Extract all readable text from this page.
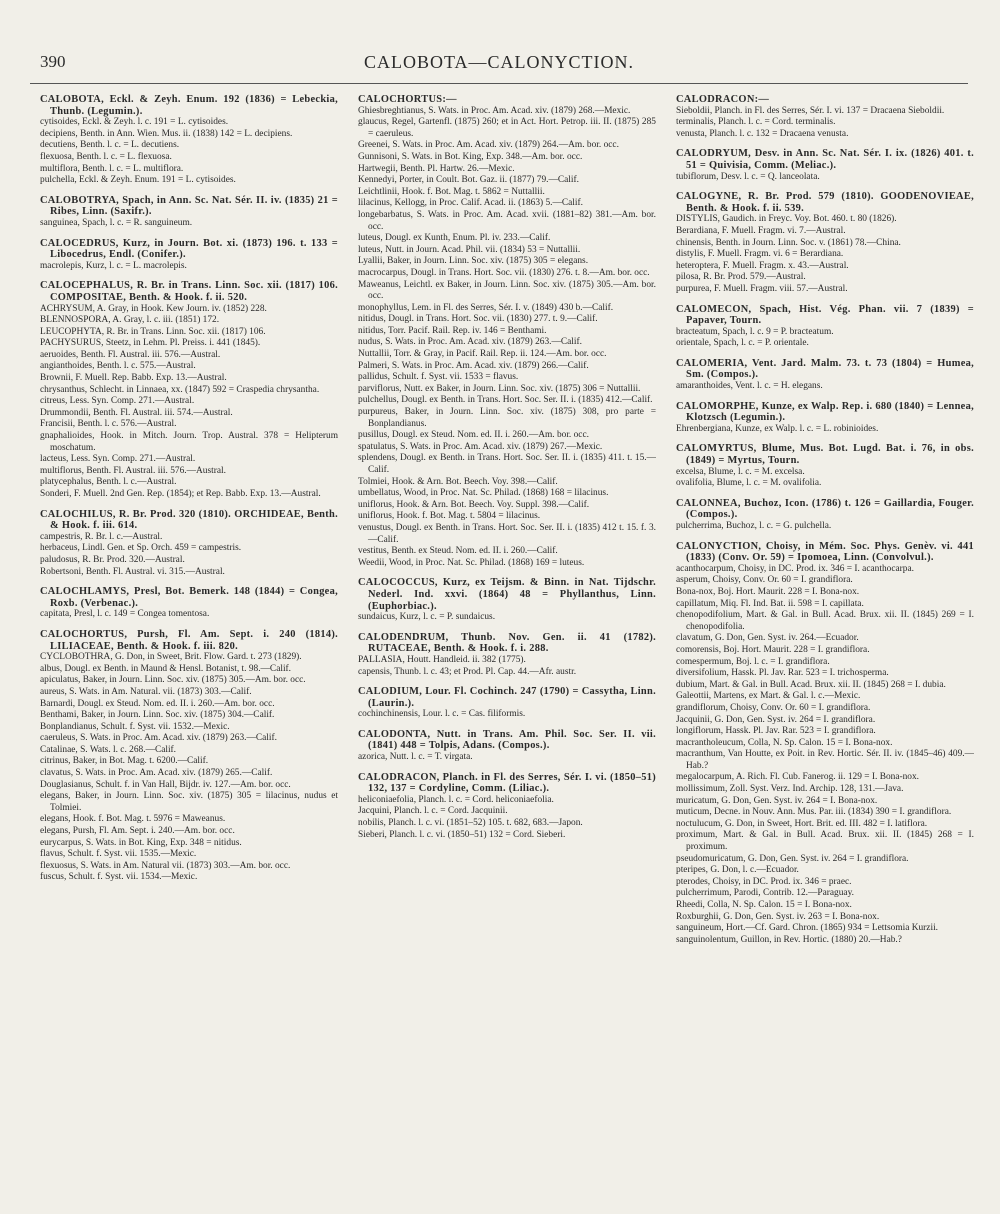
390	CALOBOTA—CALONYCTION.
CALOBOTA, Eckl. & Zeyh. Enum. 192 (1836) = Lebeckia, Thunb. (Legumin.).
cytisoides, Eckl. & Zeyh. l. c. 191 = L. cytisoides.
decipiens, Benth. in Ann. Wien. Mus. ii. (1838) 142 = L. decipiens.
decutiens, Benth. l. c. = L. decutiens.
flexuosa, Benth. l. c. = L. flexuosa.
multiflora, Benth. l. c. = L. multiflora.
pulchella, Eckl. & Zeyh. Enum. 191 = L. cytisoides.
CALOBOTRYA, Spach, in Ann. Sc. Nat. Sér. II. iv. (1835) 21 = Ribes, Linn. (Saxifr.).
sanguinea, Spach, l. c. = R. sanguineum.
CALOCEDRUS, Kurz, in Journ. Bot. xi. (1873) 196. t. 133 = Libocedrus, Endl. (Conifer.).
macrolepis, Kurz, l. c. = L. macrolepis.
CALOCEPHALUS, R. Br. in Trans. Linn. Soc. xii. (1817) 106. COMPOSITAE, Benth. & Hook. f. ii. 520.
ACHRYSUM, A. Gray, in Hook. Kew Journ. iv. (1852) 228.
BLENNOSPORA, A. Gray, l. c. iii. (1851) 172.
LEUCOPHYTA, R. Br. in Trans. Linn. Soc. xii. (1817) 106.
PACHYSURUS, Steetz, in Lehm. Pl. Preiss. i. 441 (1845).
aeruoides, Benth. Fl. Austral. iii. 576.—Austral.
angianthoides, Benth. l. c. 575.—Austral.
Brownii, F. Muell. Rep. Babb. Exp. 13.—Austral.
chrysanthus, Schlecht. in Linnaea, xx. (1847) 592 = Craspedia chrysantha.
citreus, Less. Syn. Comp. 271.—Austral.
Drummondii, Benth. Fl. Austral. iii. 574.—Austral.
Francisii, Benth. l. c. 576.—Austral.
gnaphalioides, Hook. in Mitch. Journ. Trop. Austral. 378 = Helipterum moschatum.
lacteus, Less. Syn. Comp. 271.—Austral.
multiflorus, Benth. Fl. Austral. iii. 576.—Austral.
platycephalus, Benth. l. c.—Austral.
Sonderi, F. Muell. 2nd Gen. Rep. (1854); et Rep. Babb. Exp. 13.—Austral.
CALOCHILUS, R. Br. Prod. 320 (1810). ORCHIDEAE, Benth. & Hook. f. iii. 614.
campestris, R. Br. l. c.—Austral.
herbaceus, Lindl. Gen. et Sp. Orch. 459 = campestris.
paludosus, R. Br. Prod. 320.—Austral.
Robertsoni, Benth. Fl. Austral. vi. 315.—Austral.
CALOCHLAMYS, Presl, Bot. Bemerk. 148 (1844) = Congea, Roxb. (Verbenac.).
capitata, Presl, l. c. 149 = Congea tomentosa.
CALOCHORTUS, Pursh, Fl. Am. Sept. i. 240 (1814). LILIACEAE, Benth. & Hook. f. iii. 820.
CYCLOBOTHRA, G. Don, in Sweet, Brit. Flow. Gard. t. 273 (1829).
albus, Dougl. ex Benth. in Maund & Hensl. Botanist, t. 98.—Calif.
apiculatus, Baker, in Journ. Linn. Soc. xiv. (1875) 305.—Am. bor. occ.
aureus, S. Wats. in Am. Natural. vii. (1873) 303.—Calif.
Barnardi, Dougl. ex Steud. Nom. ed. II. i. 260.—Am. bor. occ.
Benthami, Baker, in Journ. Linn. Soc. xiv. (1875) 304.—Calif.
Bonplandianus, Schult. f. Syst. vii. 1532.—Mexic.
caeruleus, S. Wats. in Proc. Am. Acad. xiv. (1879) 263.—Calif.
Catalinae, S. Wats. l. c. 268.—Calif.
citrinus, Baker, in Bot. Mag. t. 6200.—Calif.
clavatus, S. Wats. in Proc. Am. Acad. xiv. (1879) 265.—Calif.
Douglasianus, Schult. f. in Van Hall, Bijdr. iv. 127.—Am. bor. occ.
elegans, Baker, in Journ. Linn. Soc. xiv. (1875) 305 = lilacinus, nudus et Tolmiei.
elegans, Hook. f. Bot. Mag. t. 5976 = Maweanus.
elegans, Pursh, Fl. Am. Sept. i. 240.—Am. bor. occ.
eurycarpus, S. Wats. in Bot. King, Exp. 348 = nitidus.
flavus, Schult. f. Syst. vii. 1535.—Mexic.
flexuosus, S. Wats. in Am. Natural vii. (1873) 303.—Am. bor. occ.
fuscus, Schult. f. Syst. vii. 1534.—Mexic.
CALOCHORTUS:—
Ghiesbreghtianus, S. Wats. in Proc. Am. Acad. xiv. (1879) 268.—Mexic.
glaucus, Regel, Gartenfl. (1875) 260; et in Act. Hort. Petrop. iii. II. (1875) 285 = caeruleus.
Greenei, S. Wats. in Proc. Am. Acad. xiv. (1879) 264.—Am. bor. occ.
Gunnisoni, S. Wats. in Bot. King, Exp. 348.—Am. bor. occ.
Hartwegii, Benth. Pl. Hartw. 26.—Mexic.
Kennedyi, Porter, in Coult. Bot. Gaz. ii. (1877) 79.—Calif.
Leichtlinii, Hook. f. Bot. Mag. t. 5862 = Nuttallii.
lilacinus, Kellogg, in Proc. Calif. Acad. ii. (1863) 5.—Calif.
longebarbatus, S. Wats. in Proc. Am. Acad. xvii. (1881–82) 381.—Am. bor. occ.
luteus, Dougl. ex Kunth, Enum. Pl. iv. 233.—Calif.
luteus, Nutt. in Journ. Acad. Phil. vii. (1834) 53 = Nuttallii.
Lyallii, Baker, in Journ. Linn. Soc. xiv. (1875) 305 = elegans.
macrocarpus, Dougl. in Trans. Hort. Soc. vii. (1830) 276. t. 8.—Am. bor. occ.
Maweanus, Leichtl. ex Baker, in Journ. Linn. Soc. xiv. (1875) 305.—Am. bor. occ.
monophyllus, Lem. in Fl. des Serres, Sér. I. v. (1849) 430 b.—Calif.
nitidus, Dougl. in Trans. Hort. Soc. vii. (1830) 277. t. 9.—Calif.
nitidus, Torr. Pacif. Rail. Rep. iv. 146 = Benthami.
nudus, S. Wats. in Proc. Am. Acad. xiv. (1879) 263.—Calif.
Nuttallii, Torr. & Gray, in Pacif. Rail. Rep. ii. 124.—Am. bor. occ.
Palmeri, S. Wats. in Proc. Am. Acad. xiv. (1879) 266.—Calif.
pallidus, Schult. f. Syst. vii. 1533 = flavus.
parviflorus, Nutt. ex Baker, in Journ. Linn. Soc. xiv. (1875) 306 = Nuttallii.
pulchellus, Dougl. ex Benth. in Trans. Hort. Soc. Ser. II. i. (1835) 412.—Calif.
purpureus, Baker, in Journ. Linn. Soc. xiv. (1875) 308, pro parte = Bonplandianus.
pusillus, Dougl. ex Steud. Nom. ed. II. i. 260.—Am. bor. occ.
spatulatus, S. Wats. in Proc. Am. Acad. xiv. (1879) 267.—Mexic.
splendens, Dougl. ex Benth. in Trans. Hort. Soc. Ser. II. i. (1835) 411. t. 15.—Calif.
Tolmiei, Hook. & Arn. Bot. Beech. Voy. 398.—Calif.
umbellatus, Wood, in Proc. Nat. Sc. Philad. (1868) 168 = lilacinus.
uniflorus, Hook. & Arn. Bot. Beech. Voy. Suppl. 398.—Calif.
uniflorus, Hook. f. Bot. Mag. t. 5804 = lilacinus.
venustus, Dougl. ex Benth. in Trans. Hort. Soc. Ser. II. i. (1835) 412 t. 15. f. 3.—Calif.
vestitus, Benth. ex Steud. Nom. ed. II. i. 260.—Calif.
Weedii, Wood, in Proc. Nat. Sc. Philad. (1868) 169 = luteus.
CALOCOCCUS, Kurz, ex Teijsm. & Binn. in Nat. Tijdschr. Nederl. Ind. xxvi. (1864) 48 = Phyllanthus, Linn. (Euphorbiac.).
sundaicus, Kurz, l. c. = P. sundaicus.
CALODENDRUM, Thunb. Nov. Gen. ii. 41 (1782). RUTACEAE, Benth. & Hook. f. i. 288.
PALLASIA, Houtt. Handleid. ii. 382 (1775).
capensis, Thunb. l. c. 43; et Prod. Pl. Cap. 44.—Afr. austr.
CALODIUM, Lour. Fl. Cochinch. 247 (1790) = Cassytha, Linn. (Laurin.).
cochinchinensis, Lour. l. c. = Cas. filiformis.
CALODONTA, Nutt. in Trans. Am. Phil. Soc. Ser. II. vii. (1841) 448 = Tolpis, Adans. (Compos.).
azorica, Nutt. l. c. = T. virgata.
CALODRACON, Planch. in Fl. des Serres, Sér. I. vi. (1850–51) 132, 137 = Cordyline, Comm. (Liliac.).
heliconiaefolia, Planch. l. c. = Cord. heliconiaefolia.
Jacquini, Planch. l. c. = Cord. Jacquinii.
nobilis, Planch. l. c. vi. (1851–52) 105. t. 682, 683.—Japon.
Sieberi, Planch. l. c. vi. (1850–51) 132 = Cord. Sieberi.
CALODRACON:—
Sieboldii, Planch. in Fl. des Serres, Sér. I. vi. 137 = Dracaena Sieboldii.
terminalis, Planch. l. c. = Cord. terminalis.
venusta, Planch. l. c. 132 = Dracaena venusta.
CALODRYUM, Desv. in Ann. Sc. Nat. Sér. I. ix. (1826) 401. t. 51 = Quivisia, Comm. (Meliac.).
tubiflorum, Desv. l. c. = Q. lanceolata.
CALOGYNE, R. Br. Prod. 579 (1810). GOODENOVIEAE, Benth. & Hook. f. ii. 539.
DISTYLIS, Gaudich. in Freyc. Voy. Bot. 460. t. 80 (1826).
Berardiana, F. Muell. Fragm. vi. 7.—Austral.
chinensis, Benth. in Journ. Linn. Soc. v. (1861) 78.—China.
distylis, F. Muell. Fragm. vi. 6 = Berardiana.
heteroptera, F. Muell. Fragm. x. 43.—Austral.
pilosa, R. Br. Prod. 579.—Austral.
purpurea, F. Muell. Fragm. viii. 57.—Austral.
CALOMECON, Spach, Hist. Vég. Phan. vii. 7 (1839) = Papaver, Tourn.
bracteatum, Spach, l. c. 9 = P. bracteatum.
orientale, Spach, l. c. = P. orientale.
CALOMERIA, Vent. Jard. Malm. 73. t. 73 (1804) = Humea, Sm. (Compos.).
amaranthoides, Vent. l. c. = H. elegans.
CALOMORPHE, Kunze, ex Walp. Rep. i. 680 (1840) = Lennea, Klotzsch (Legumin.).
Ehrenbergiana, Kunze, ex Walp. l. c. = L. robinioides.
CALOMYRTUS, Blume, Mus. Bot. Lugd. Bat. i. 76, in obs. (1849) = Myrtus, Tourn.
excelsa, Blume, l. c. = M. excelsa.
ovalifolia, Blume, l. c. = M. ovalifolia.
CALONNEA, Buchoz, Icon. (1786) t. 126 = Gaillardia, Fouger. (Compos.).
pulcherrima, Buchoz, l. c. = G. pulchella.
CALONYCTION, Choisy, in Mém. Soc. Phys. Genèv. vi. 441 (1833) (Conv. Or. 59) = Ipomoea, Linn. (Convolvul.).
acanthocarpum, Choisy, in DC. Prod. ix. 346 = I. acanthocarpa.
asperum, Choisy, Conv. Or. 60 = I. grandiflora.
Bona-nox, Boj. Hort. Maurit. 228 = I. Bona-nox.
capillatum, Miq. Fl. Ind. Bat. ii. 598 = I. capillata.
chenopodifolium, Mart. & Gal. in Bull. Acad. Brux. xii. II. (1845) 269 = I. chenopodifolia.
clavatum, G. Don, Gen. Syst. iv. 264.—Ecuador.
comorensis, Boj. Hort. Maurit. 228 = I. grandiflora.
comespermum, Boj. l. c. = I. grandiflora.
diversifolium, Hassk. Pl. Jav. Rar. 523 = I. trichosperma.
dubium, Mart. & Gal. in Bull. Acad. Brux. xii. II. (1845) 268 = I. dubia.
Galeottii, Martens, ex Mart. & Gal. l. c.—Mexic.
grandiflorum, Choisy, Conv. Or. 60 = I. grandiflora.
Jacquinii, G. Don, Gen. Syst. iv. 264 = I. grandiflora.
longiflorum, Hassk. Pl. Jav. Rar. 523 = I. grandiflora.
macrantholeucum, Colla, N. Sp. Calon. 15 = I. Bona-nox.
macranthum, Van Houtte, ex Poit. in Rev. Hortic. Sér. II. iv. (1845–46) 409.—Hab.?
megalocarpum, A. Rich. Fl. Cub. Fanerog. ii. 129 = I. Bona-nox.
mollissimum, Zoll. Syst. Verz. Ind. Archip. 128, 131.—Java.
muricatum, G. Don, Gen. Syst. iv. 264 = I. Bona-nox.
muticum, Decne. in Nouv. Ann. Mus. Par. iii. (1834) 390 = I. grandiflora.
noctulucum, G. Don, in Sweet, Hort. Brit. ed. III. 482 = I. latiflora.
proximum, Mart. & Gal. in Bull. Acad. Brux. xii. II. (1845) 268 = I. proximum.
pseudomuricatum, G. Don, Gen. Syst. iv. 264 = I. grandiflora.
pteripes, G. Don, l. c.—Ecuador.
pterodes, Choisy, in DC. Prod. ix. 346 = praec.
pulcherrimum, Parodi, Contrib. 12.—Paraguay.
Rheedi, Colla, N. Sp. Calon. 15 = I. Bona-nox.
Roxburghii, G. Don, Gen. Syst. iv. 263 = I. Bona-nox.
sanguineum, Hort.—Cf. Gard. Chron. (1865) 934 = Lettsomia Kurzii.
sanguinolentum, Guillon, in Rev. Hortic. (1880) 20.—Hab.?
